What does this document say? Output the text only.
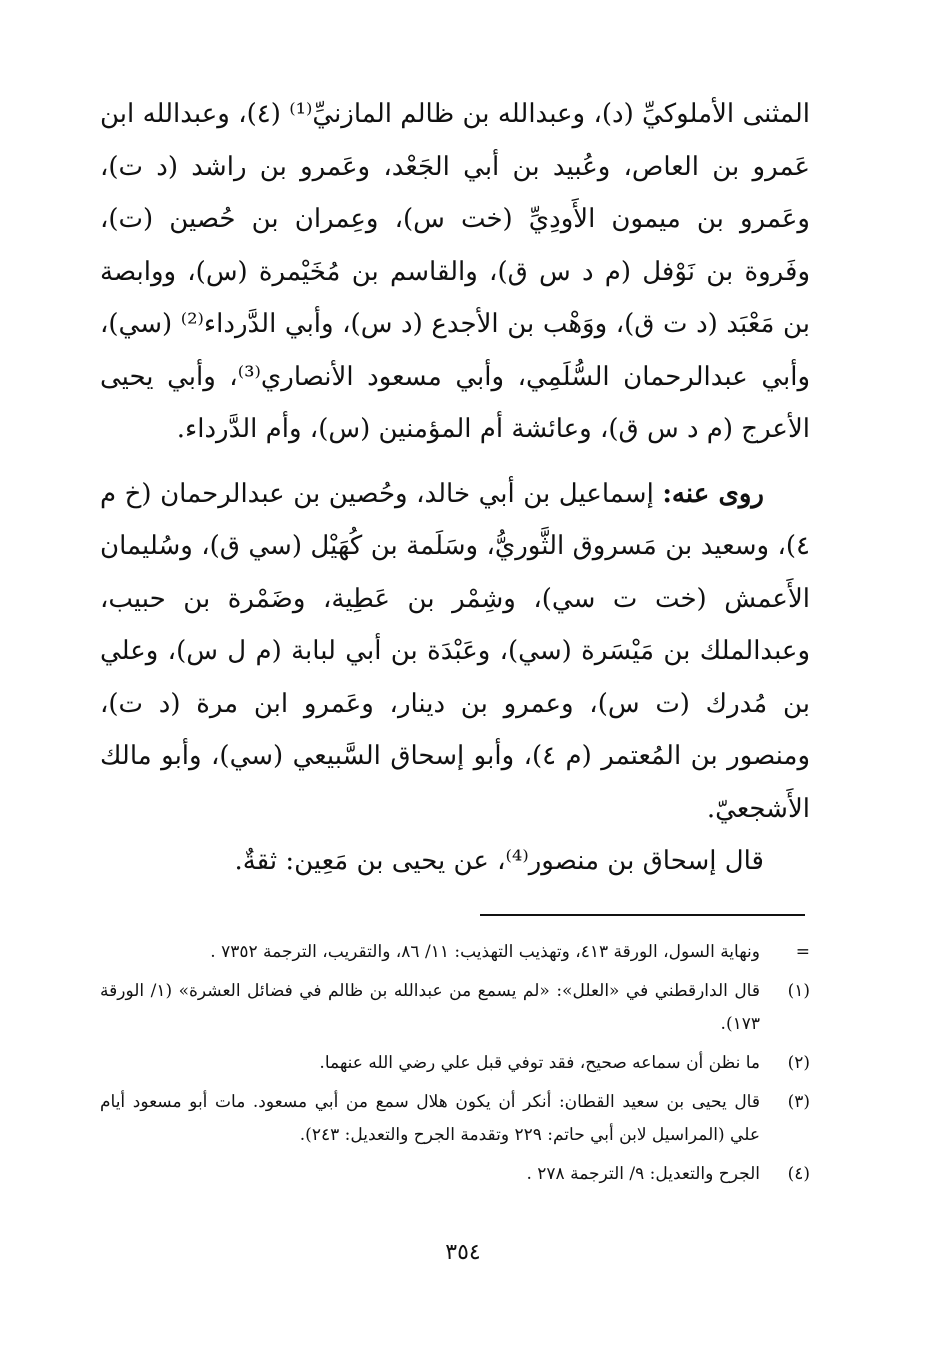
المثنى الأملوكيِّ (د)، وعبدالله بن ظالم المازنيِّ⁽¹⁾ (٤)، وعبدالله ابن عَمرو بن العاص، وعُبيد بن أبي الجَعْد، وعَمرو بن راشد (د ت)، وعَمرو بن ميمون الأَودِيِّ (خت س)، وعِمران بن حُصين (ت)، وفَروة بن نَوْفل (م د س ق)، والقاسم بن مُخَيْمرة (س)، ووابصة بن مَعْبَد (د ت ق)، ووَهْب بن الأجدع (د س)، وأبي الدَّرداء⁽²⁾ (سي)، وأبي عبدالرحمان السُّلَمِي، وأبي مسعود الأنصاري⁽³⁾، وأبي يحيى الأعرج (م د س ق)، وعائشة أم المؤمنين (س)، وأم الدَّرداء.

روى عنه: إسماعيل بن أبي خالد، وحُصين بن عبدالرحمان (خ م ٤)، وسعيد بن مَسروق الثَّوريُّ، وسَلَمة بن كُهَيْل (سي ق)، وسُليمان الأَعمش (خت ت سي)، وشِمْر بن عَطِية، وضَمْرة بن حبيب، وعبدالملك بن مَيْسَرة (سي)، وعَبْدَة بن أبي لبابة (م ل س)، وعلي بن مُدرك (ت س)، وعمرو بن دينار، وعَمرو ابن مرة (د ت)، ومنصور بن المُعتمر (م ٤)، وأبو إسحاق السَّبيعي (سي)، وأبو مالك الأَشجعيّ.

قال إسحاق بن منصور⁽⁴⁾، عن يحيى بن مَعِين: ثقةٌ.

=
ونهاية السول، الورقة ٤١٣، وتهذيب التهذيب: ١١/ ٨٦، والتقريب، الترجمة ٧٣٥٢ .
(١)
قال الدارقطني في «العلل»: «لم يسمع من عبدالله بن ظالم في فضائل العشرة» (١/ الورقة ١٧٣).
(٢)
ما نظن أن سماعه صحيح، فقد توفي قبل علي رضي الله عنهما.
(٣)
قال يحيى بن سعيد القطان: أنكر أن يكون هلال سمع من أبي مسعود. مات أبو مسعود أيام علي (المراسيل لابن أبي حاتم: ٢٢٩ وتقدمة الجرح والتعديل: ٢٤٣).
(٤)
الجرح والتعديل: ٩/ الترجمة ٢٧٨ .
٣٥٤
